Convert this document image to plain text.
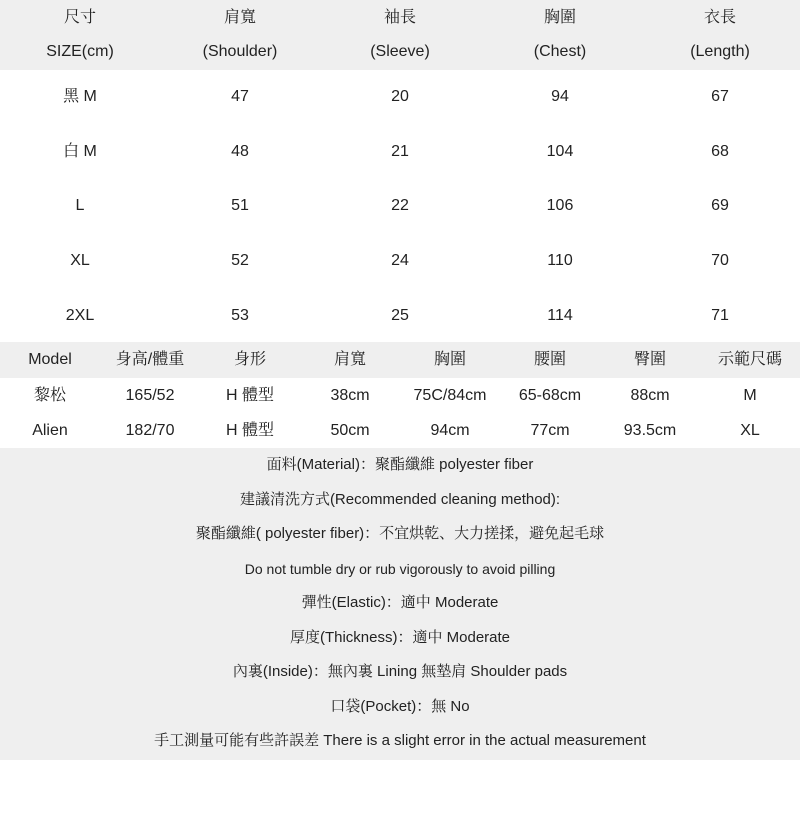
尺寸	肩寬	袖長	胸圍	衣長
SIZE(cm)	(Shoulder)	(Sleeve)	(Chest)	(Length)
黑 M	47	20	94	67
白 M	48	21	104	68
L	51	22	106	69
XL	52	24	110	70
2XL	53	25	114	71
Model	身高/體重	身形	肩寬	胸圍	腰圍	臀圍	示範尺碼
黎松	165/52	H 體型	38cm	75C/84cm	65-68cm	88cm	M
Alien	182/70	H 體型	50cm	94cm	77cm	93.5cm	XL
面料(Material)：聚酯纖維 polyester fiber
建議清洗方式(Recommended cleaning method):
聚酯纖維( polyester fiber)：不宜烘乾、大力搓揉，避免起毛球
Do not tumble dry or rub vigorously to avoid pilling
彈性(Elastic)：適中 Moderate
厚度(Thickness)：適中 Moderate
內裏(Inside)：無內裏 Lining 無墊肩 Shoulder pads
口袋(Pocket)：無 No
手工測量可能有些許誤差 There is a slight error in the actual measurement
